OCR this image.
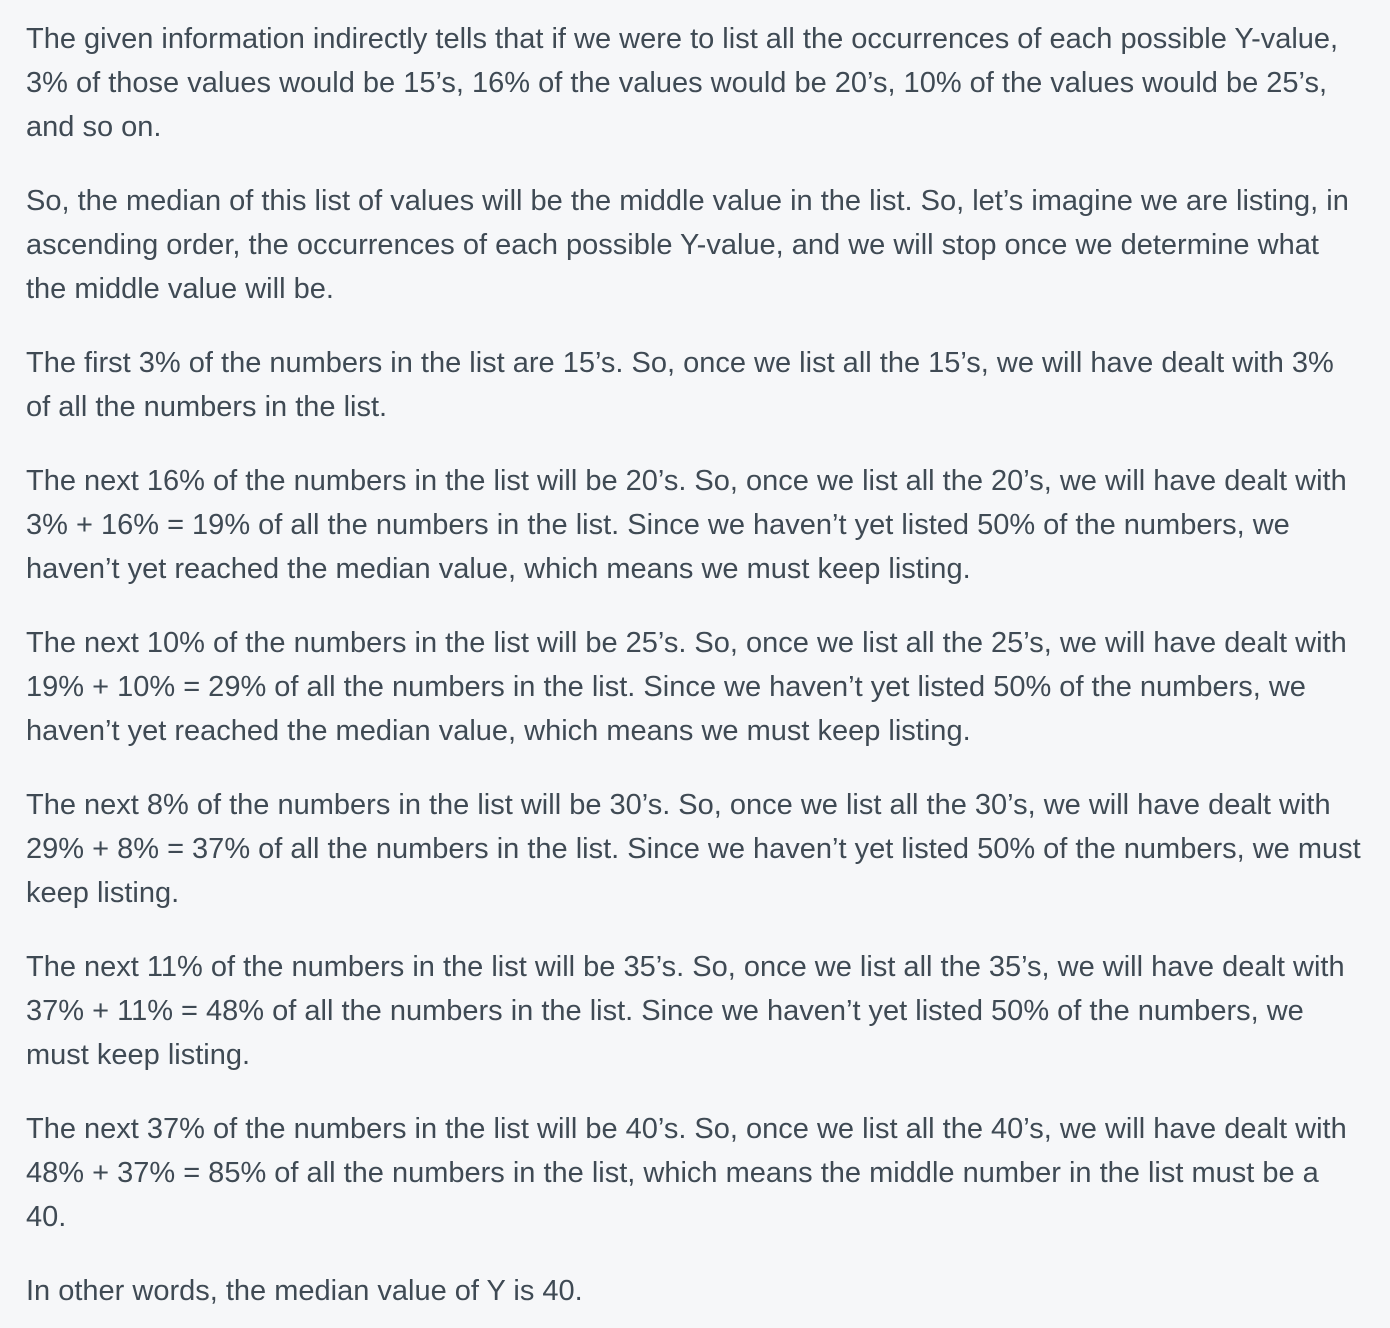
The given information indirectly tells that if we were to list all the occurrences of each possible Y-value, 3% of those values would be 15’s, 16% of the values would be 20’s, 10% of the values would be 25’s, and so on.

So, the median of this list of values will be the middle value in the list. So, let’s imagine we are listing, in ascending order, the occurrences of each possible Y-value, and we will stop once we determine what the middle value will be.

The first 3% of the numbers in the list are 15’s. So, once we list all the 15’s, we will have dealt with 3% of all the numbers in the list.

The next 16% of the numbers in the list will be 20’s. So, once we list all the 20’s, we will have dealt with 3% + 16% = 19% of all the numbers in the list. Since we haven’t yet listed 50% of the numbers, we haven’t yet reached the median value, which means we must keep listing.

The next 10% of the numbers in the list will be 25’s. So, once we list all the 25’s, we will have dealt with 19% + 10% = 29% of all the numbers in the list. Since we haven’t yet listed 50% of the numbers, we haven’t yet reached the median value, which means we must keep listing.

The next 8% of the numbers in the list will be 30’s. So, once we list all the 30’s, we will have dealt with 29% + 8% = 37% of all the numbers in the list. Since we haven’t yet listed 50% of the numbers, we must keep listing.

The next 11% of the numbers in the list will be 35’s. So, once we list all the 35’s, we will have dealt with 37% + 11% = 48% of all the numbers in the list. Since we haven’t yet listed 50% of the numbers, we must keep listing.

The next 37% of the numbers in the list will be 40’s. So, once we list all the 40’s, we will have dealt with 48% + 37% = 85% of all the numbers in the list, which means the middle number in the list must be a 40.

In other words, the median value of Y is 40.
